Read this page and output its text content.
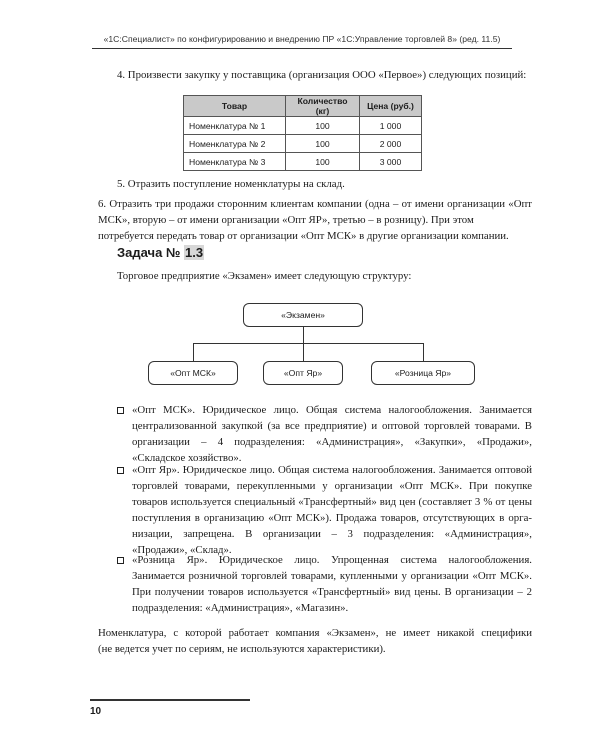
«1С:Специалист» по конфигурированию и внедрению ПР «1С:Управление торговлей 8» (ред. 11.5)
4. Произвести закупку у поставщика (организация ООО «Первое») следующих позиций:
Товар	Количество (кг)	Цена (руб.)
Номенклатура № 1	100	1 000
Номенклатура № 2	100	2 000
Номенклатура № 3	100	3 000
5. Отразить поступление номенклатуры на склад.
6. Отразить три продажи сторонним клиентам компании (одна – от имени организации «Опт МСК», вторую – от имени организации «Опт ЯР», третью – в розницу). При этом
потребуется передать товар от организации «Опт МСК» в другие организации компании.
Задача № 1.3
Торговое предприятие «Экзамен» имеет следующую структуру:
«Экзамен»
«Опт МСК»	«Опт Яр»	«Розница Яр»
«Опт МСК». Юридическое лицо. Общая система налогообложения. Занимается централизованной закупкой (за все предприятие) и оптовой торговлей товарами. В организации – 4 подразделения: «Администрация», «Закупки», «Продажи», «Складское хозяйство».
«Опт Яр». Юридическое лицо. Общая система налогообложения. Занимается оптовой торговлей товарами, перекупленными у организации «Опт МСК». При покупке товаров используется специальный «Трансфертный» вид цен (составляет 3 % от цены поступления в организацию «Опт МСК»). Продажа товаров, отсутствующих в орга- низации, запрещена. В организации – 3 подразделения: «Администрация», «Продажи», «Склад».
«Розница Яр». Юридическое лицо. Упрощенная система налогообложения. Занимается розничной торговлей товарами, купленными у организации «Опт МСК». При получении товаров используется «Трансфертный» вид цены. В организации – 2 подразделения: «Администрация», «Магазин».
Номенклатура, с которой работает компания «Экзамен», не имеет никакой специфики
(не ведется учет по сериям, не используются характеристики).
10
